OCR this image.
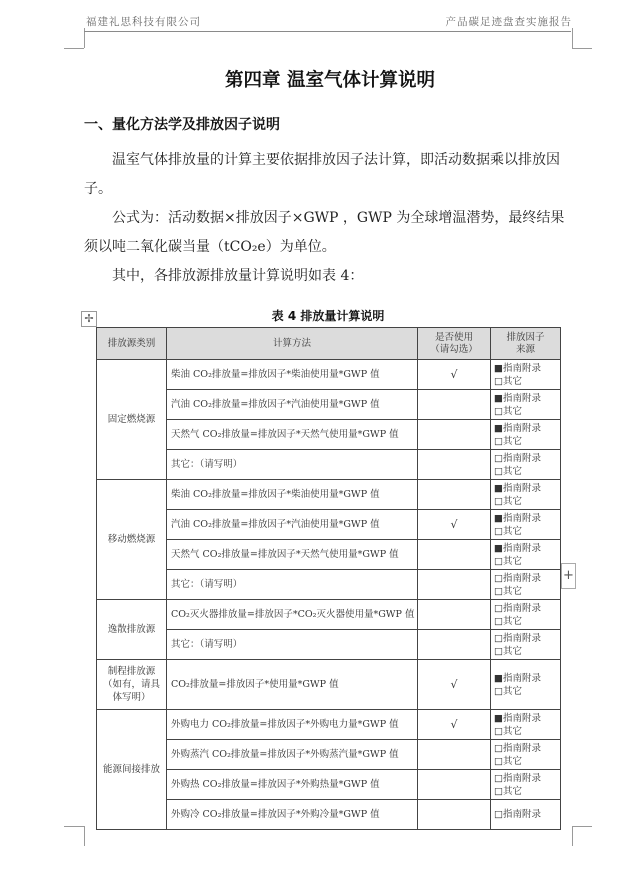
福建礼思科技有限公司	产品碳足迹盘查实施报告
第四章 温室气体计算说明
一、量化方法学及排放因子说明
温室气体排放量的计算主要依据排放因子法计算，即活动数据乘以排放因子。
公式为：活动数据×排放因子×GWP ，GWP 为全球增温潜势，最终结果须以吨二氧化碳当量（tCO₂e）为单位。
其中，各排放源排放量计算说明如表 4：
✢
+
表 4 排放量计算说明
排放源类别	计算方法	是否使用（请勾选）	排放因子来源
固定燃烧源	柴油 CO₂排放量=排放因子*柴油使用量*GWP 值	√	■指南附录
□其它

	汽油 CO₂排放量=排放因子*汽油使用量*GWP 值		■指南附录
□其它

	天然气 CO₂排放量=排放因子*天然气使用量*GWP 值		■指南附录
□其它

	其它：（请写明）		□指南附录
□其它

移动燃烧源	柴油 CO₂排放量=排放因子*柴油使用量*GWP 值		■指南附录
□其它

	汽油 CO₂排放量=排放因子*汽油使用量*GWP 值	√	■指南附录
□其它

	天然气 CO₂排放量=排放因子*天然气使用量*GWP 值		■指南附录
□其它

	其它：（请写明）		□指南附录
□其它

逸散排放源	CO₂灭火器排放量=排放因子*CO₂灭火器使用量*GWP 值		□指南附录
□其它

	其它：（请写明）		□指南附录
□其它

制程排放源（如有，请具体写明）	CO₂排放量=排放因子*使用量*GWP 值	√	■指南附录
□其它

能源间接排放	外购电力 CO₂排放量=排放因子*外购电力量*GWP 值	√	■指南附录
□其它

	外购蒸汽 CO₂排放量=排放因子*外购蒸汽量*GWP 值		□指南附录
□其它

	外购热 CO₂排放量=排放因子*外购热量*GWP 值		□指南附录
□其它

	外购冷 CO₂排放量=排放因子*外购冷量*GWP 值		□指南附录
